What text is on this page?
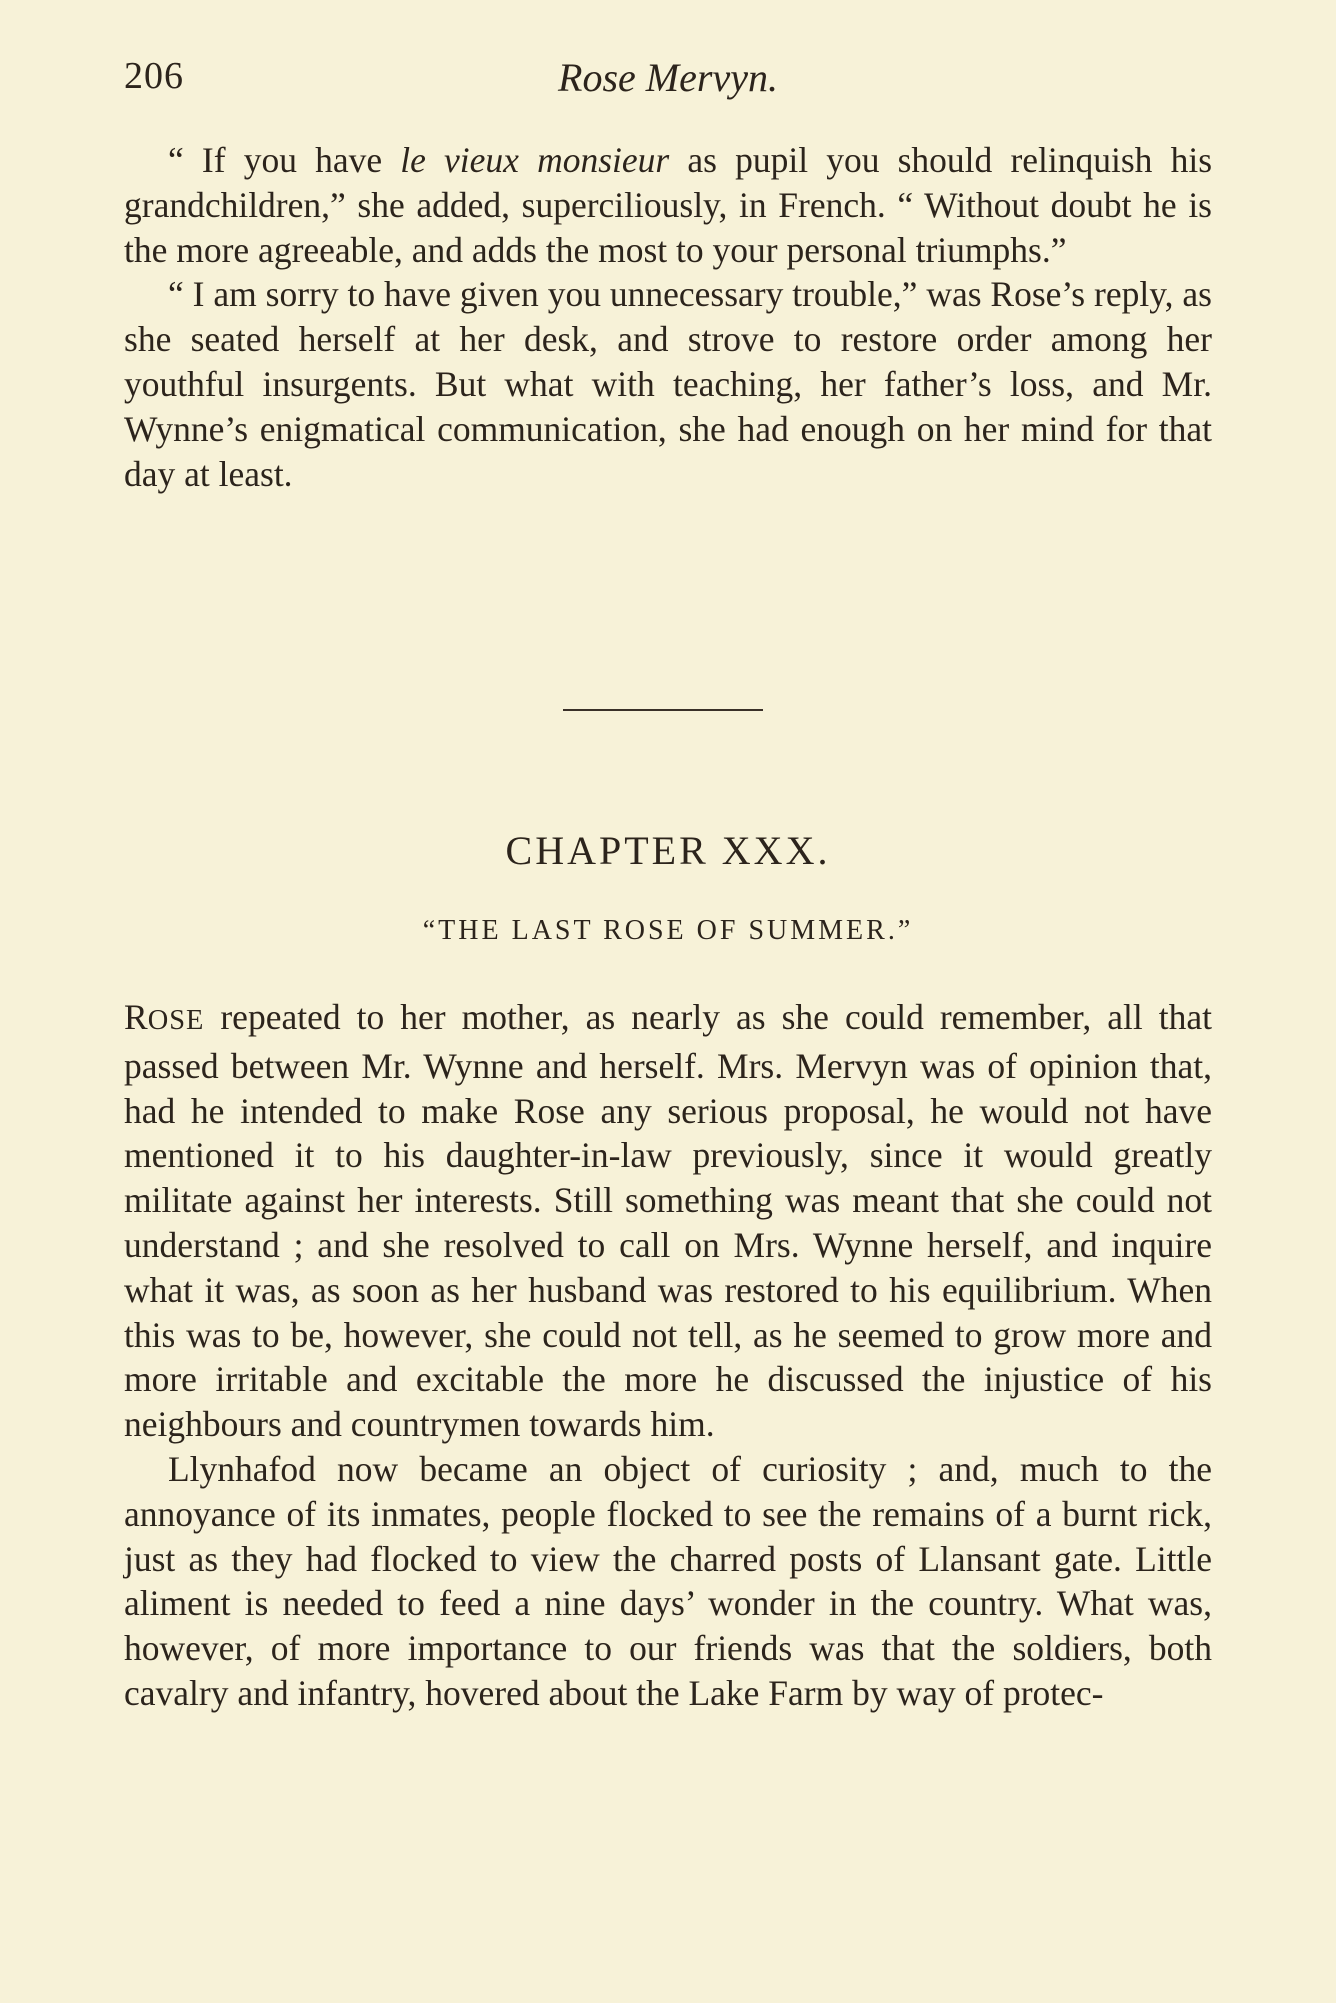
206	Rose Mervyn.

“ If you have le vieux monsieur as pupil you should relinquish his grandchildren,” she added, superciliously, in French. “ Without doubt he is the more agreeable, and adds the most to your personal triumphs.”

“ I am sorry to have given you unnecessary trouble,” was Rose’s reply, as she seated herself at her desk, and strove to restore order among her youthful insurgents. But what with teaching, her father’s loss, and Mr. Wynne’s enigmatical communication, she had enough on her mind for that day at least.

CHAPTER XXX.
“THE LAST ROSE OF SUMMER.”

ROSE repeated to her mother, as nearly as she could remember, all that passed between Mr. Wynne and herself. Mrs. Mervyn was of opinion that, had he intended to make Rose any serious proposal, he would not have mentioned it to his daughter-in-law previously, since it would greatly militate against her interests. Still something was meant that she could not understand ; and she resolved to call on Mrs. Wynne herself, and inquire what it was, as soon as her husband was restored to his equilibrium. When this was to be, however, she could not tell, as he seemed to grow more and more irritable and excitable the more he discussed the injustice of his neighbours and countrymen towards him.

Llynhafod now became an object of curiosity ; and, much to the annoyance of its inmates, people flocked to see the remains of a burnt rick, just as they had flocked to view the charred posts of Llansant gate. Little aliment is needed to feed a nine days’ wonder in the country. What was, however, of more importance to our friends was that the soldiers, both cavalry and infantry, hovered about the Lake Farm by way of protec-
